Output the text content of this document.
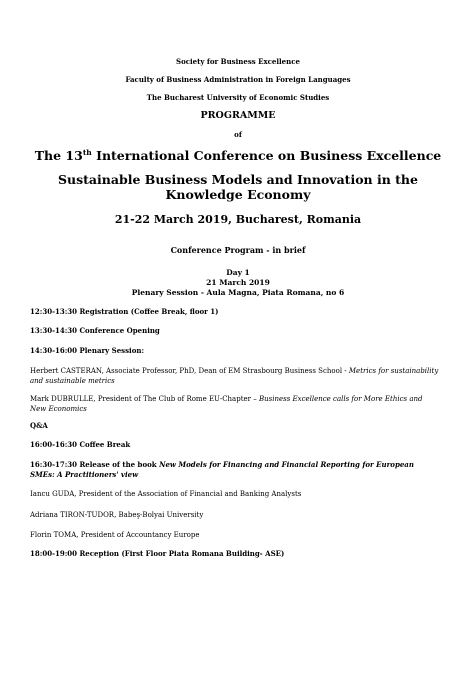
Society for Business Excellence
Faculty of Business Administration in Foreign Languages
The Bucharest University of Economic Studies
PROGRAMME
of
The 13th International Conference on Business Excellence
Sustainable Business Models and Innovation in the
Knowledge Economy
21-22 March 2019, Bucharest, Romania
Conference Program - in brief
Day 1
21 March 2019
Plenary Session - Aula Magna, Piata Romana, no 6
12:30-13:30 Registration (Coffee Break, floor 1)
13:30-14:30 Conference Opening
14:30-16:00 Plenary Session:
Herbert CASTERAN, Associate Professor, PhD, Dean of EM Strasbourg Business School - Metrics for sustainability and sustainable metrics
Mark DUBRULLE, President of The Club of Rome EU-Chapter – Business Excellence calls for More Ethics and New Economics
Q&A
16:00-16:30 Coffee Break
16:30-17:30 Release of the book New Models for Financing and Financial Reporting for European SMEs: A Practitioners' view
Iancu GUDA, President of the Association of Financial and Banking Analysts
Adriana TIRON-TUDOR, Babeş-Bolyai University
Florin TOMA, President of Accountancy Europe
18:00-19:00 Reception (First Floor Piata Romana Building- ASE)
